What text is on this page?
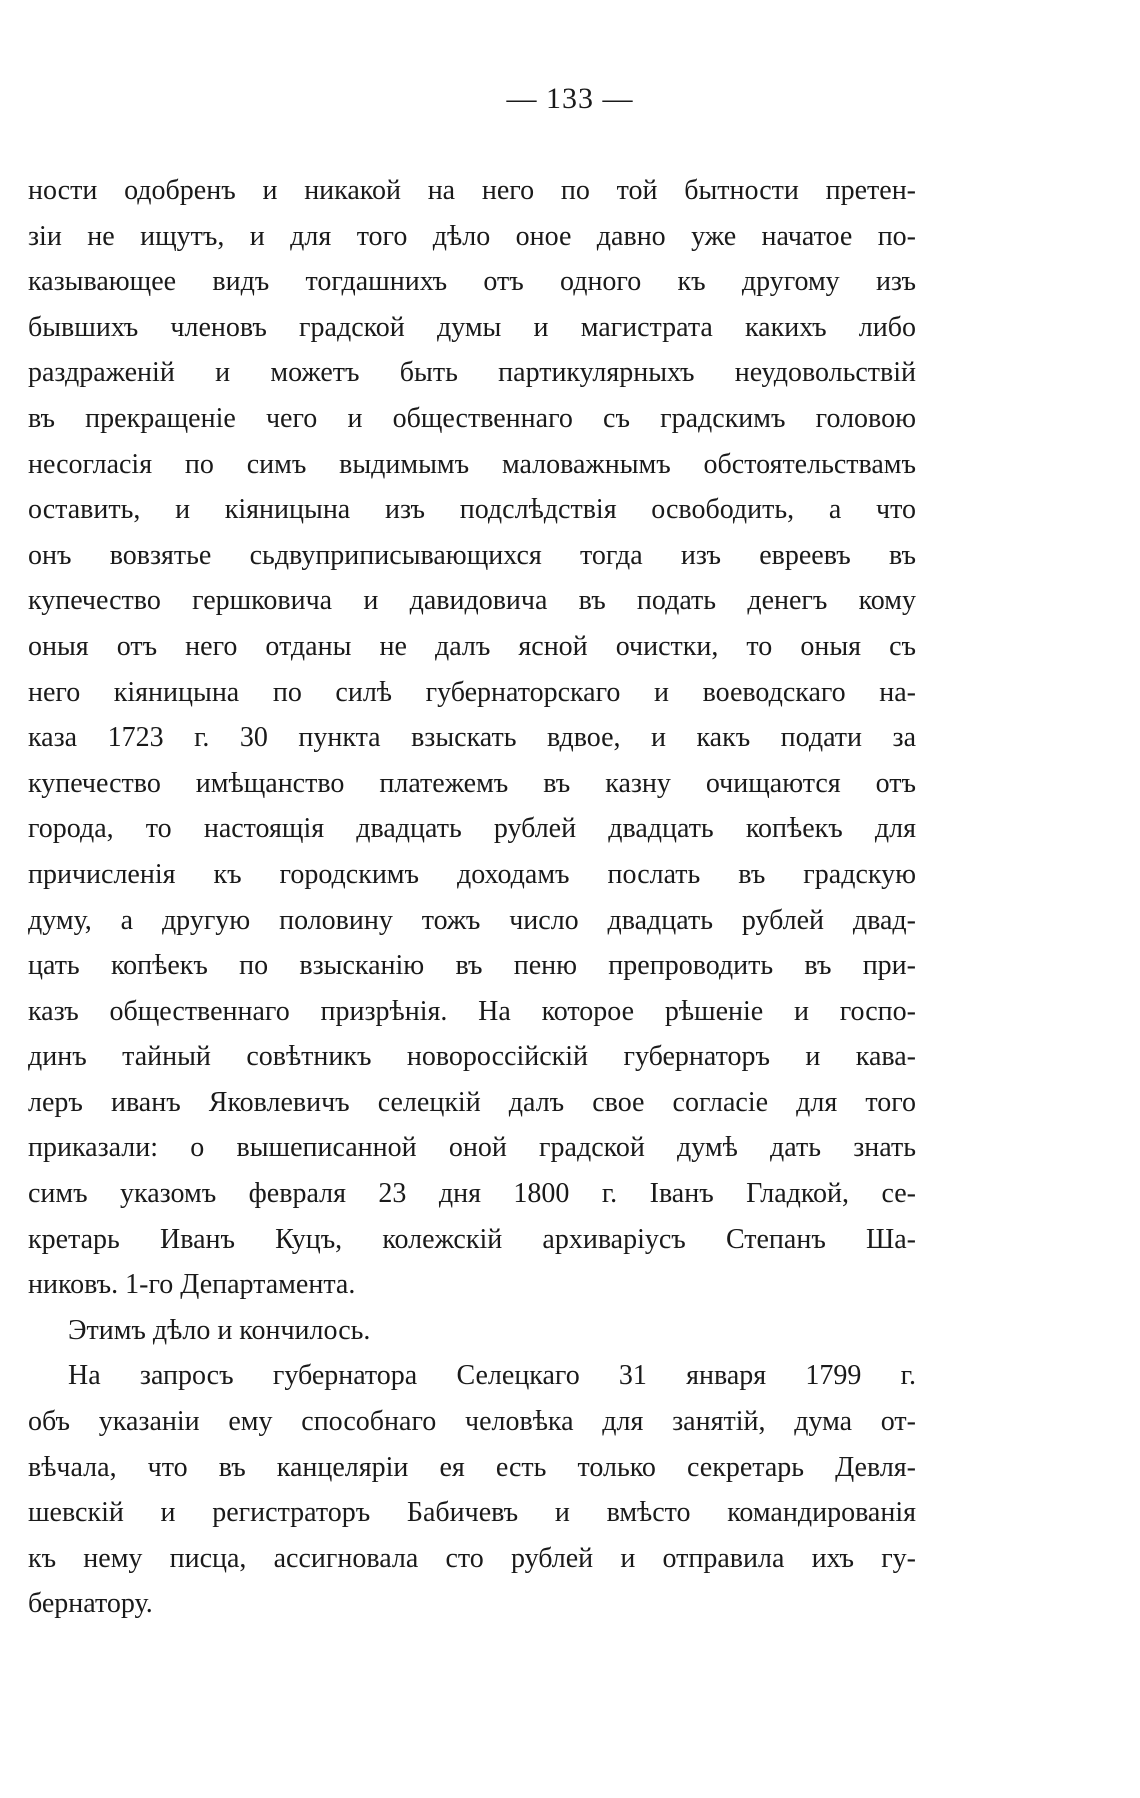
— 133 —
ности одобренъ и никакой на него по той бытности претен-
зіи не ищутъ, и для того дѣло оное давно уже начатое по-
казывающее видъ тогдашнихъ отъ одного къ другому изъ
бывшихъ членовъ градской думы и магистрата какихъ либо
раздраженій и можетъ быть партикулярныхъ неудовольствій
въ прекращеніе чего и общественнаго съ градскимъ головою
несогласія по симъ выдимымъ маловажнымъ обстоятельствамъ
оставить, и кіяницына изъ подслѣдствія освободить, а что
онъ вовзятье сьдвуприписывающихся тогда изъ евреевъ въ
купечество гершковича и давидовича въ подать денегъ кому
оныя отъ него отданы не далъ ясной очистки, то оныя съ
него кіяницына по силѣ губернаторскаго и воеводскаго на-
каза 1723 г. 30 пункта взыскать вдвое, и какъ подати за
купечество имѣщанство платежемъ въ казну очищаются отъ
города, то настоящія двадцать рублей двадцать копѣекъ для
причисленія къ городскимъ доходамъ послать въ градскую
думу, а другую половину тожъ число двадцать рублей двад-
цать копѣекъ по взысканію въ пеню препроводить въ при-
казъ общественнаго призрѣнія. На которое рѣшеніе и госпо-
динъ тайный совѣтникъ новороссійскій губернаторъ и кава-
леръ иванъ Яковлевичъ селецкій далъ свое согласіе для того
приказали: о вышеписанной оной градской думѣ дать знать
симъ указомъ февраля 23 дня 1800 г. Іванъ Гладкой, се-
кретарь Иванъ Куцъ, колежскій архиваріусъ Степанъ Ша-
никовъ. 1-го Департамента.
Этимъ дѣло и кончилось.
На запросъ губернатора Селецкаго 31 января 1799 г.
объ указаніи ему способнаго человѣка для занятій, дума от-
вѣчала, что въ канцеляріи ея есть только секретарь Девля-
шевскій и регистраторъ Бабичевъ и вмѣсто командированія
къ нему писца, ассигновала сто рублей и отправила ихъ гу-
бернатору.
